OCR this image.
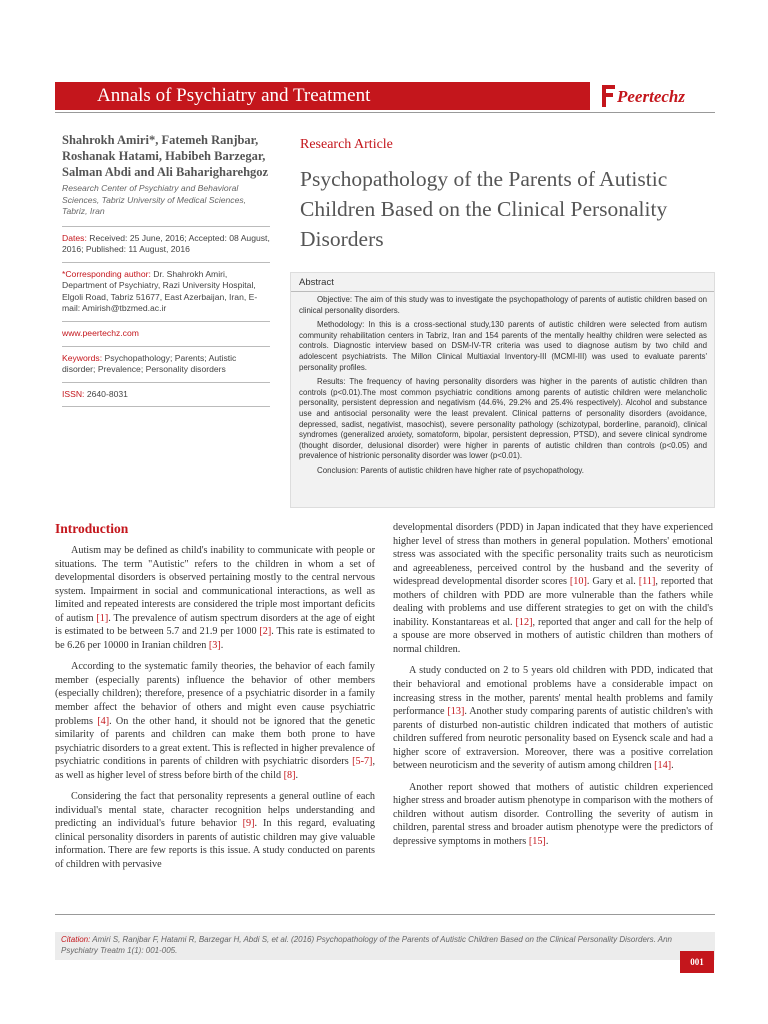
Annals of Psychiatry and Treatment	Peertechz
Shahrokh Amiri*, Fatemeh Ranjbar, Roshanak Hatami, Habibeh Barzegar, Salman Abdi and Ali Baharigharehgoz
Research Center of Psychiatry and Behavioral Sciences, Tabriz University of Medical Sciences, Tabriz, Iran
Dates: Received: 25 June, 2016; Accepted: 08 August, 2016; Published: 11 August, 2016
*Corresponding author: Dr. Shahrokh Amiri, Department of Psychiatry, Razi University Hospital, Elgoli Road, Tabriz 51677, East Azerbaijan, Iran, E-mail: Amirish@tbzmed.ac.ir
www.peertechz.com
Keywords: Psychopathology; Parents; Autistic disorder; Prevalence; Personality disorders
ISSN: 2640-8031
Research Article
Psychopathology of the Parents of Autistic Children Based on the Clinical Personality Disorders
Abstract

Objective: The aim of this study was to investigate the psychopathology of parents of autistic children based on clinical personality disorders.

Methodology: In this is a cross-sectional study,130 parents of autistic children were selected from autism community rehabilitation centers in Tabriz, Iran and 154 parents of the mentally healthy children were selected as controls. Diagnostic interview based on DSM-IV-TR criteria was used to diagnose autism by two child and adolescent psychiatrists. The Millon Clinical Multiaxial Inventory-III (MCMI-III) was used to evaluate parents' personality profiles.

Results: The frequency of having personality disorders was higher in the parents of autistic children than controls (p<0.01).The most common psychiatric conditions among parents of autistic children were melancholic personality, persistent depression and negativism (44.6%, 29.2% and 25.4% respectively). Alcohol and substance use and antisocial personality were the least prevalent. Clinical patterns of personality disorders (avoidance, depressed, sadist, negativist, masochist), severe personality pathology (schizotypal, borderline, paranoid), clinical syndromes (generalized anxiety, somatoform, bipolar, persistent depression, PTSD), and severe clinical syndrome (thought disorder, delusional disorder) were higher in parents of autistic children than controls (p<0.05) and prevalence of histrionic personality disorder was lower (p<0.01).

Conclusion: Parents of autistic children have higher rate of psychopathology.

Introduction

Autism may be defined as child's inability to communicate with people or situations. The term "Autistic" refers to the children in whom a set of developmental disorders is observed pertaining mostly to the central nervous system. Impairment in social and communicational interactions, as well as limited and repeated interests are considered the triple most important deficits of autism [1]. The prevalence of autism spectrum disorders at the age of eight is estimated to be between 5.7 and 21.9 per 1000 [2]. This rate is estimated to be 6.26 per 10000 in Iranian children [3].

According to the systematic family theories, the behavior of each family member (especially parents) influence the behavior of other members (especially children); therefore, presence of a psychiatric disorder in a family member affect the behavior of others and might even cause psychiatric problems [4]. On the other hand, it should not be ignored that the genetic similarity of parents and children can make them both prone to have psychiatric disorders to a great extent. This is reflected in higher prevalence of psychiatric conditions in parents of children with psychiatric disorders [5-7], as well as higher level of stress before birth of the child [8].

Considering the fact that personality represents a general outline of each individual's mental state, character recognition helps understanding and predicting an individual's future behavior [9]. In this regard, evaluating clinical personality disorders in parents of autistic children may give valuable information. There are few reports is this issue. A study conducted on parents of children with pervasive

developmental disorders (PDD) in Japan indicated that they have experienced higher level of stress than mothers in general population. Mothers' emotional stress was associated with the specific personality traits such as neuroticism and agreeableness, perceived control by the husband and the severity of widespread developmental disorder scores [10]. Gary et al. [11], reported that mothers of children with PDD are more vulnerable than the fathers while dealing with problems and use different strategies to get on with the child's inability. Konstantareas et al. [12], reported that anger and call for the help of a spouse are more observed in mothers of autistic children than mothers of normal children.

A study conducted on 2 to 5 years old children with PDD, indicated that their behavioral and emotional problems have a considerable impact on increasing stress in the mother, parents' mental health problems and family performance [13]. Another study comparing parents of autistic children's with parents of disturbed non-autistic children indicated that mothers of autistic children suffered from neurotic personality based on Eysenck scale and had a higher score of extraversion. Moreover, there was a positive correlation between neuroticism and the severity of autism among children [14].

Another report showed that mothers of autistic children experienced higher stress and broader autism phenotype in comparison with the mothers of children without autism disorder. Controlling the severity of autism in children, parental stress and broader autism phenotype were the predictors of depressive symptoms in mothers [15].

Citation: Amiri S, Ranjbar F, Hatami R, Barzegar H, Abdi S, et al. (2016) Psychopathology of the Parents of Autistic Children Based on the Clinical Personality Disorders. Ann Psychiatry Treatm 1(1): 001-005.
001
